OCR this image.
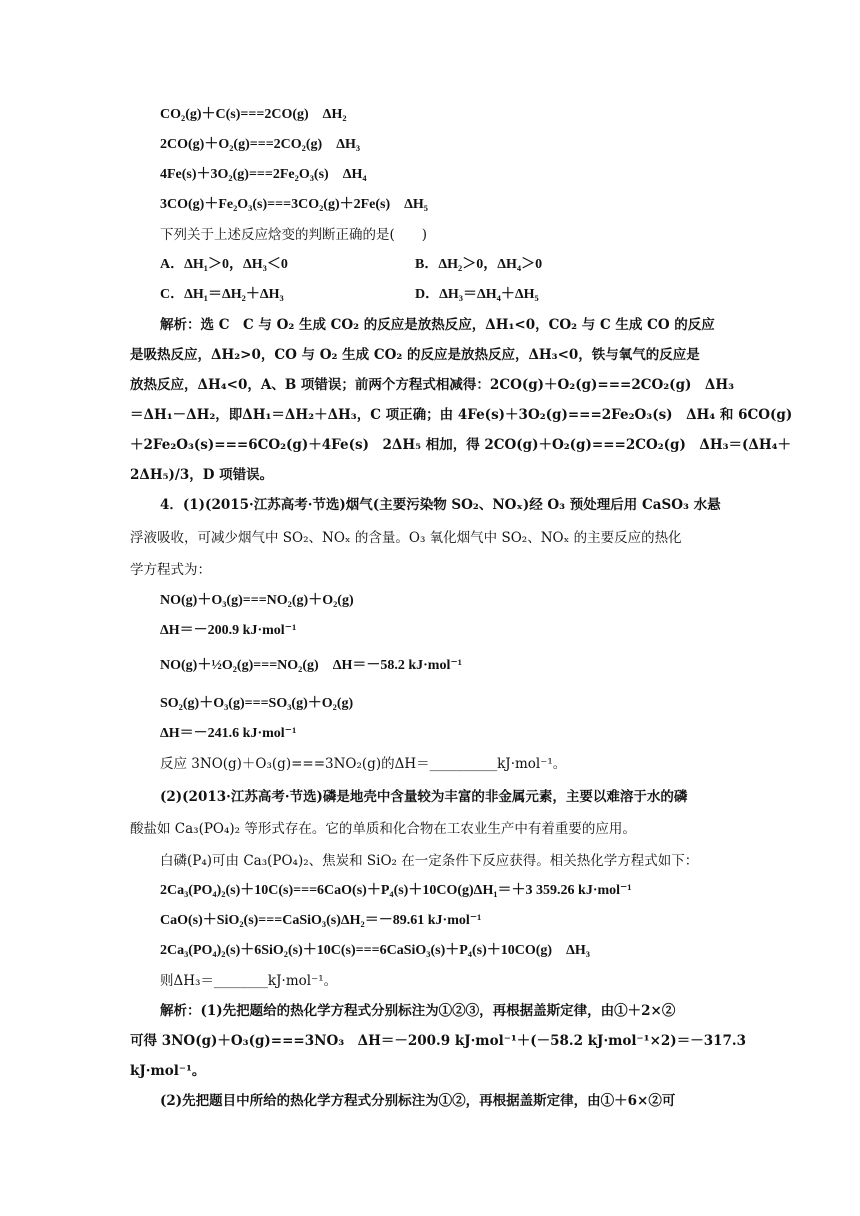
CO₂(g)＋C(s)===2CO(g)　ΔH₂
2CO(g)＋O₂(g)===2CO₂(g)　ΔH₃
4Fe(s)＋3O₂(g)===2Fe₂O₃(s)　ΔH₄
3CO(g)＋Fe₂O₃(s)===3CO₂(g)＋2Fe(s)　ΔH₅
下列关于上述反应焓变的判断正确的是(　　)
A．ΔH₁＞0，ΔH₃＜0	B．ΔH₂＞0，ΔH₄＞0
C．ΔH₁＝ΔH₂＋ΔH₃	D．ΔH₃＝ΔH₄＋ΔH₅
解析：选 C　C 与 O₂ 生成 CO₂ 的反应是放热反应，ΔH₁<0，CO₂ 与 C 生成 CO 的反应
是吸热反应，ΔH₂>0，CO 与 O₂ 生成 CO₂ 的反应是放热反应，ΔH₃<0，铁与氧气的反应是
放热反应，ΔH₄<0，A、B 项错误；前两个方程式相减得：2CO(g)＋O₂(g)===2CO₂(g)　ΔH₃
＝ΔH₁－ΔH₂，即ΔH₁＝ΔH₂＋ΔH₃，C 项正确；由 4Fe(s)＋3O₂(g)===2Fe₂O₃(s)　ΔH₄ 和 6CO(g)
＋2Fe₂O₃(s)===6CO₂(g)＋4Fe(s)　2ΔH₅ 相加，得 2CO(g)＋O₂(g)===2CO₂(g)　ΔH₃＝(ΔH₄＋
2ΔH₅)/3，D 项错误。
4．(1)(2015·江苏高考·节选)烟气(主要污染物 SO₂、NOₓ)经 O₃ 预处理后用 CaSO₃ 水悬
浮液吸收，可减少烟气中 SO₂、NOₓ 的含量。O₃ 氧化烟气中 SO₂、NOₓ 的主要反应的热化
学方程式为：
NO(g)＋O₃(g)===NO₂(g)＋O₂(g)
ΔH＝－200.9 kJ·mol⁻¹
NO(g)＋½O₂(g)===NO₂(g)　ΔH＝－58.2 kJ·mol⁻¹
SO₂(g)＋O₃(g)===SO₃(g)＋O₂(g)
ΔH＝－241.6 kJ·mol⁻¹
反应 3NO(g)＋O₃(g)===3NO₂(g)的ΔH＝__________kJ·mol⁻¹。
(2)(2013·江苏高考·节选)磷是地壳中含量较为丰富的非金属元素，主要以难溶于水的磷
酸盐如 Ca₃(PO₄)₂ 等形式存在。它的单质和化合物在工农业生产中有着重要的应用。
白磷(P₄)可由 Ca₃(PO₄)₂、焦炭和 SiO₂ 在一定条件下反应获得。相关热化学方程式如下：
2Ca₃(PO₄)₂(s)＋10C(s)===6CaO(s)＋P₄(s)＋10CO(g)ΔH₁＝＋3 359.26 kJ·mol⁻¹
CaO(s)＋SiO₂(s)===CaSiO₃(s)ΔH₂＝－89.61 kJ·mol⁻¹
2Ca₃(PO₄)₂(s)＋6SiO₂(s)＋10C(s)===6CaSiO₃(s)＋P₄(s)＋10CO(g)　ΔH₃
则ΔH₃＝________kJ·mol⁻¹。
解析：(1)先把题给的热化学方程式分别标注为①②③，再根据盖斯定律，由①＋2×②
可得 3NO(g)＋O₃(g)===3NO₃　ΔH＝－200.9 kJ·mol⁻¹＋(－58.2 kJ·mol⁻¹×2)＝－317.3
kJ·mol⁻¹。
(2)先把题目中所给的热化学方程式分别标注为①②，再根据盖斯定律，由①＋6×②可
